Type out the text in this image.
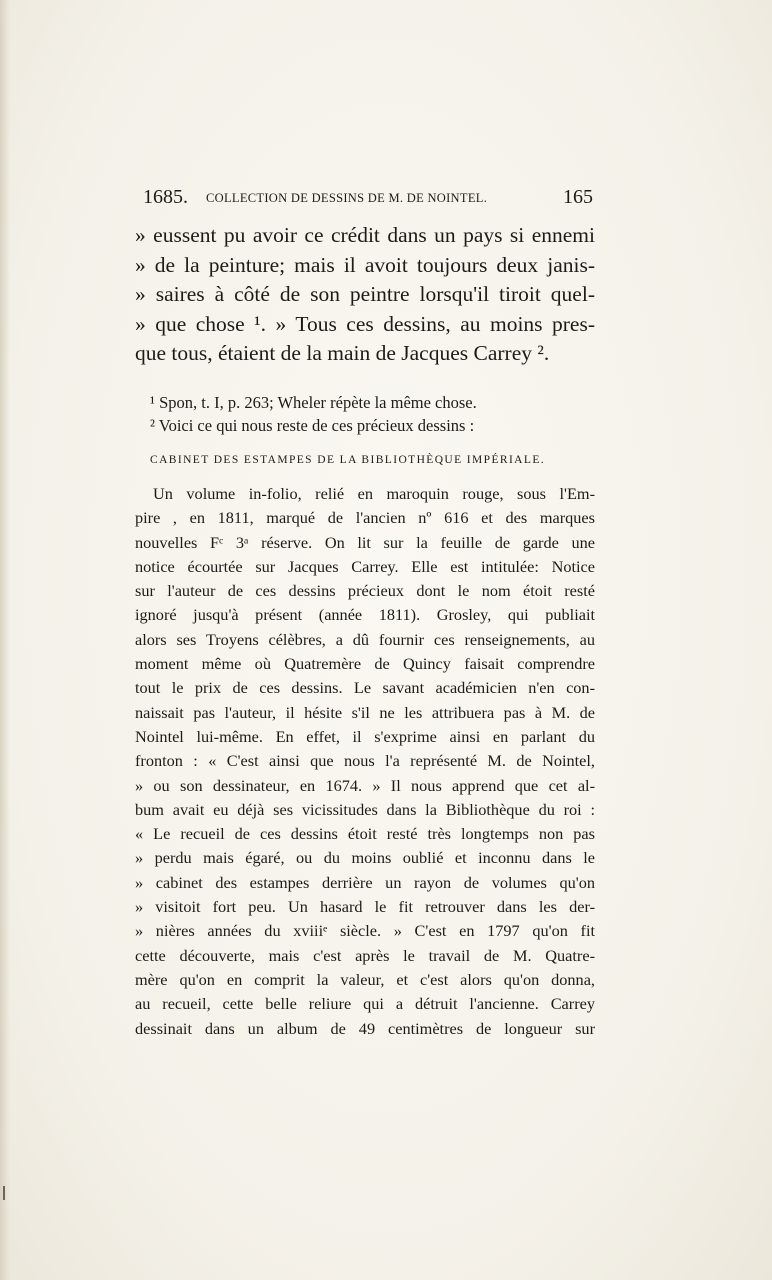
1685. COLLECTION DE DESSINS DE M. DE NOINTEL.	165
» eussent pu avoir ce crédit dans un pays si ennemi
» de la peinture; mais il avoit toujours deux janis-
» saires à côté de son peintre lorsqu'il tiroit quel-
» que chose ¹. » Tous ces dessins, au moins pres-
que tous, étaient de la main de Jacques Carrey ².
¹ Spon, t. I, p. 263; Wheler répète la même chose.
² Voici ce qui nous reste de ces précieux dessins :
CABINET DES ESTAMPES DE LA BIBLIOTHÈQUE IMPÉRIALE.
Un volume in-folio, relié en maroquin rouge, sous l'Em-
pire , en 1811, marqué de l'ancien nº 616 et des marques
nouvelles Fᶜ 3ᵃ réserve. On lit sur la feuille de garde une
notice écourtée sur Jacques Carrey. Elle est intitulée: Notice
sur l'auteur de ces dessins précieux dont le nom étoit resté
ignoré jusqu'à présent (année 1811). Grosley, qui publiait
alors ses Troyens célèbres, a dû fournir ces renseignements, au
moment même où Quatremère de Quincy faisait comprendre
tout le prix de ces dessins. Le savant académicien n'en con-
naissait pas l'auteur, il hésite s'il ne les attribuera pas à M. de
Nointel lui-même. En effet, il s'exprime ainsi en parlant du
fronton : « C'est ainsi que nous l'a représenté M. de Nointel,
» ou son dessinateur, en 1674. » Il nous apprend que cet al-
bum avait eu déjà ses vicissitudes dans la Bibliothèque du roi :
« Le recueil de ces dessins étoit resté très longtemps non pas
» perdu mais égaré, ou du moins oublié et inconnu dans le
» cabinet des estampes derrière un rayon de volumes qu'on
» visitoit fort peu. Un hasard le fit retrouver dans les der-
» nières années du xviiiᵉ siècle. » C'est en 1797 qu'on fit
cette découverte, mais c'est après le travail de M. Quatre-
mère qu'on en comprit la valeur, et c'est alors qu'on donna,
au recueil, cette belle reliure qui a détruit l'ancienne. Carrey
dessinait dans un album de 49 centimètres de longueur sur
